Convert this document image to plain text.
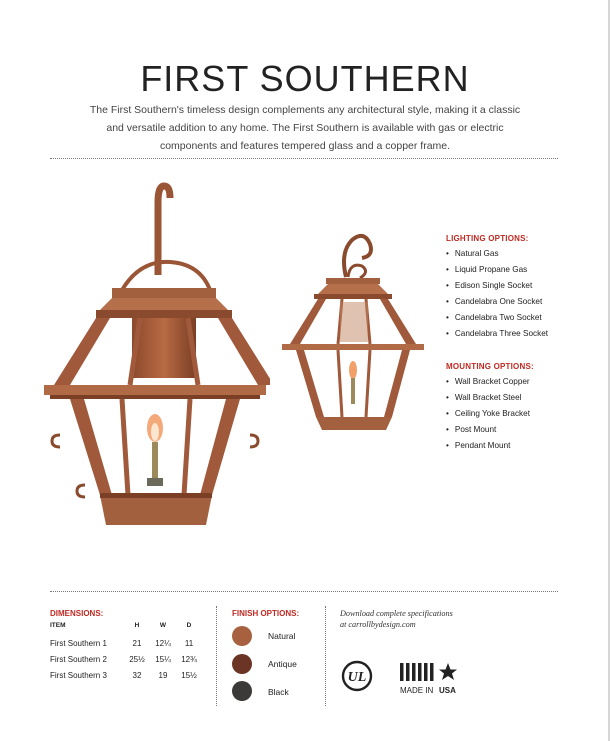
FIRST SOUTHERN

The First Southern's timeless design complements any architectural style, making it a classic and versatile addition to any home. The First Southern is available with gas or electric components and features tempered glass and a copper frame.

LIGHTING OPTIONS:
• Natural Gas
• Liquid Propane Gas
• Edison Single Socket
• Candelabra One Socket
• Candelabra Two Socket
• Candelabra Three Socket
MOUNTING OPTIONS:
• Wall Bracket Copper
• Wall Bracket Steel
• Ceiling Yoke Bracket
• Post Mount
• Pendant Mount
DIMENSIONS:
ITEM	H	W	D
First Southern 1	21	12¼	11
First Southern 2	25½	15¼	12¾
First Southern 3	32	19	15½
FINISH OPTIONS:
Natural
Antique
Black
Download complete specifications
at carrollbydesign.com
UL
MADE IN USA
